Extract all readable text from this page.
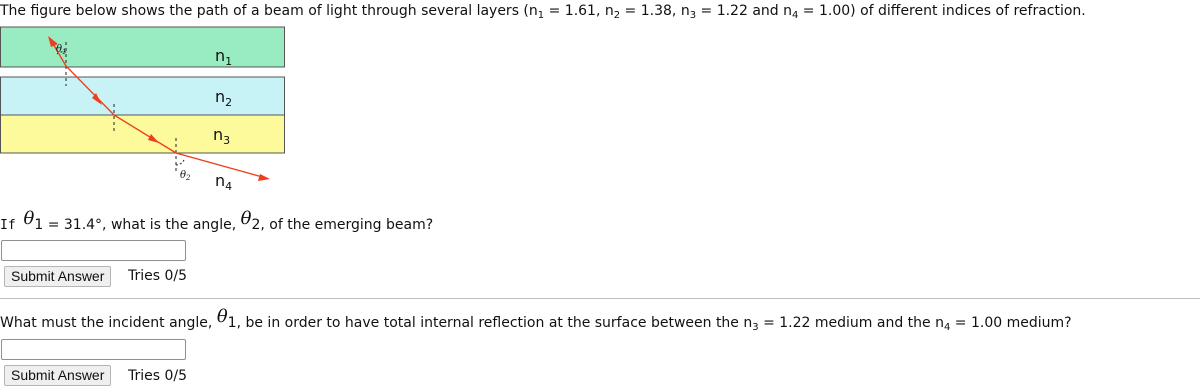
The figure below shows the path of a beam of light through several layers ($n_1 = 1.61$, $n_2 = 1.38$, $n_3 = 1.22$ and $n_4 = 1.00$) of different indices of refraction.
$\theta_1$
$\theta_2$
$n_1$
$n_2$
$n_3$
$n_4$
If θ1 = 31.4°, what is the angle, θ2, of the emerging beam?
Submit Answer	Tries 0/5
What must the incident angle, θ1, be in order to have total internal reflection at the surface between the $n_3 = 1.22$ medium and the $n_4 = 1.00$ medium?
Submit Answer	Tries 0/5
